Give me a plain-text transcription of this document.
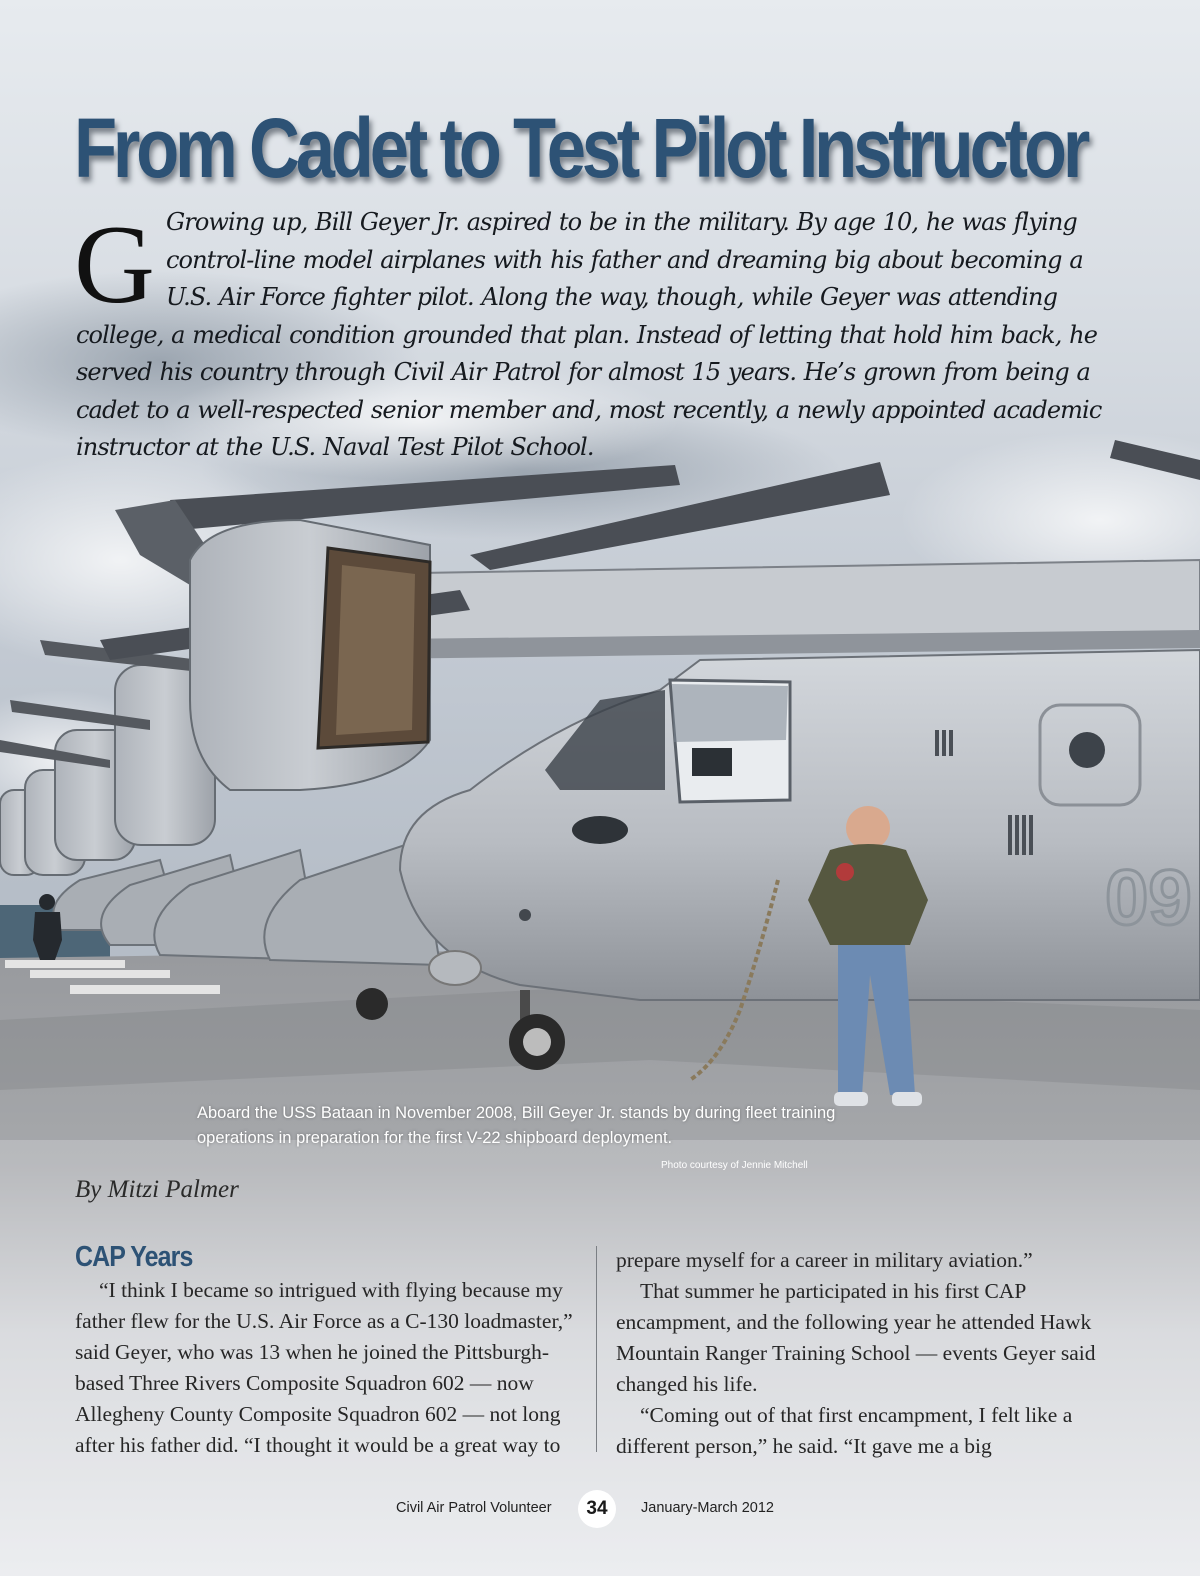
09
From Cadet to Test Pilot Instructor
G Growing up, Bill Geyer Jr. aspired to be in the military. By age 10, he was flying control-line model airplanes with his father and dreaming big about becoming a U.S. Air Force fighter pilot. Along the way, though, while Geyer was attending college, a medical condition grounded that plan. Instead of letting that hold him back, he served his country through Civil Air Patrol for almost 15 years. He’s grown from being a cadet to a well-respected senior member and, most recently, a newly appointed academic instructor at the U.S. Naval Test Pilot School.

Aboard the USS Bataan in November 2008, Bill Geyer Jr. stands by during fleet training operations in preparation for the first V-22 shipboard deployment.

Photo courtesy of Jennie Mitchell
By Mitzi Palmer
CAP Years

“I think I became so intrigued with flying because my father flew for the U.S. Air Force as a C-130 loadmaster,” said Geyer, who was 13 when he joined the Pittsburgh-based Three Rivers Composite Squadron 602 — now Allegheny County Composite Squadron 602 — not long after his father did. “I thought it would be a great way to

prepare myself for a career in military aviation.”

That summer he participated in his first CAP encampment, and the following year he attended Hawk Mountain Ranger Training School — events Geyer said changed his life.

“Coming out of that first encampment, I felt like a different person,” he said. “It gave me a big

Civil Air Patrol Volunteer	34	January-March 2012
